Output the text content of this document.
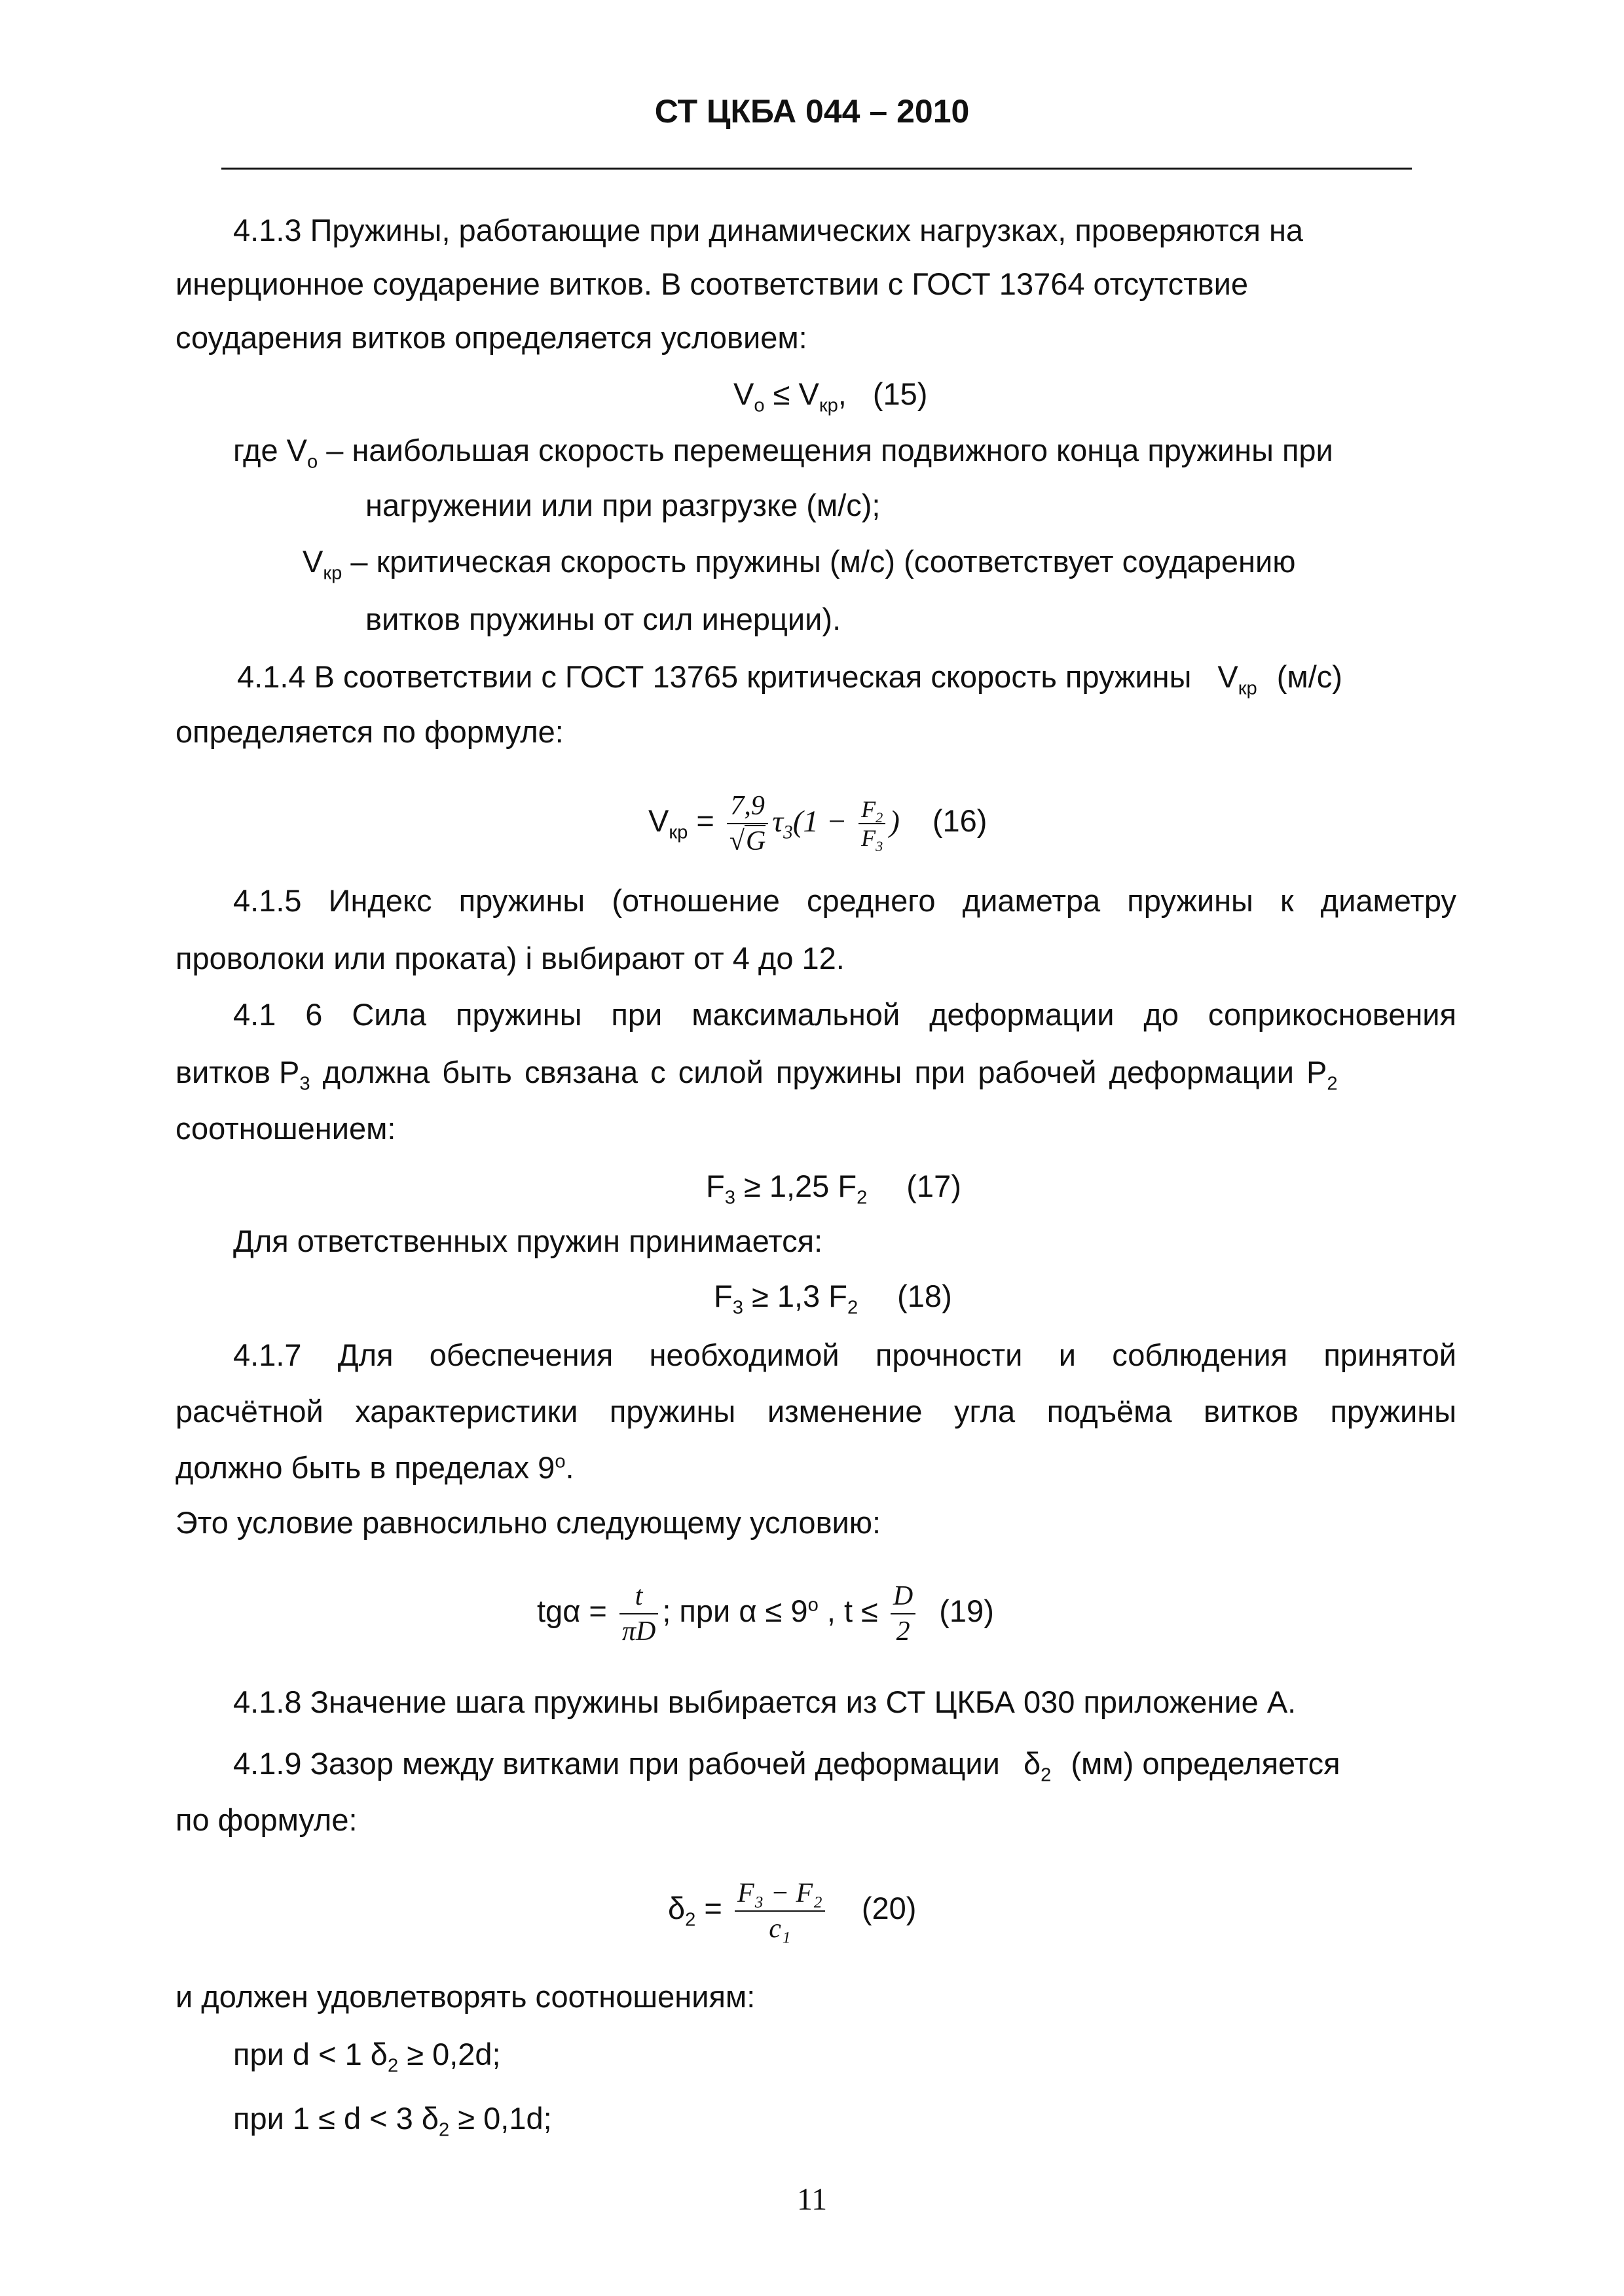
СТ ЦКБА 044 – 2010
4.1.3 Пружины, работающие при динамических нагрузках, проверяются на
инерционное соударение витков. В соответствии с ГОСТ 13764 отсутствие
соударения витков определяется условием:
$V_o \le V_{кр}$, (15)
где $V_o$ – наибольшая скорость перемещения подвижного конца пружины при
нагружении или при разгрузке (м/с);
$V_{кр}$ – критическая скорость пружины (м/с) (соответствует соударению
витков пружины от сил инерции).
4.1.4 В соответствии с ГОСТ 13765 критическая скорость пружины $V_{кр}$ (м/с)
определяется по формуле:
$V_{кр} = \frac{7,9}{√G} \tau_3(1 - \frac{F_2}{F_3}$ ) (16)
4.1.5 Индекс пружины (отношение среднего диаметра пружины к диаметру
проволоки или проката) i выбирают от 4 до 12.
4.1 6 Сила пружины при максимальной деформации до соприкосновения
витков $Р_3$ должна быть связана с силой пружины при рабочей деформации $Р_2$
соотношением:
$F_3 \ge 1,25$ $F_2$ (17)
Для ответственных пружин принимается:
$F_3 \ge 1,3$ $F_2$ (18)
4.1.7 Для обеспечения необходимой прочности и соблюдения принятой
расчётной характеристики пружины изменение угла подъёма витков пружины
должно быть в пределах 9$^o$.
Это условие равносильно следующему условию:
$tg\alpha = \frac{t}{\pi D}$ ; при $\alpha \le 9^o$ , $t \le \frac{D}{2} (19)$
4.1.8 Значение шага пружины выбирается из СТ ЦКБА 030 приложение А.
4.1.9 Зазор между витками при рабочей деформации $\delta_2$ (мм) определяется
по формуле:
$\delta_2 = \frac{\text{F₃ − F₂}}{\text{c₁}} (20)$
и должен удовлетворять соотношениям:
при d < 1 $\delta_2 \ge 0,2d$;
при 1 ≤ d < 3 $\delta_2 \ge 0,1d$;
11
